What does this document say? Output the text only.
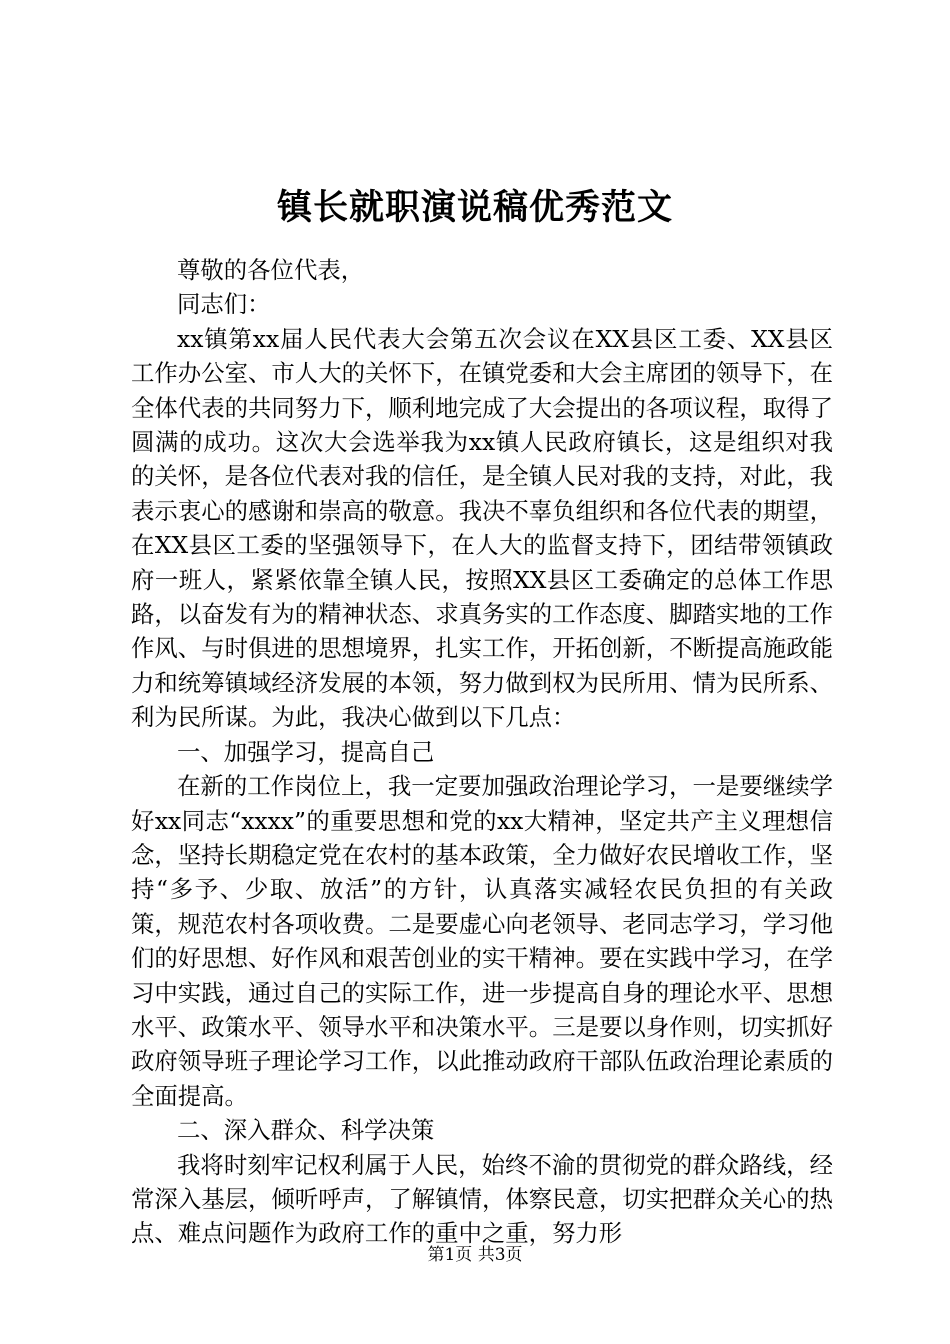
镇长就职演说稿优秀范文

尊敬的各位代表，

同志们：

xx镇第xx届人民代表大会第五次会议在XX县区工委、XX县区工作办公室、市人大的关怀下，在镇党委和大会主席团的领导下，在全体代表的共同努力下，顺利地完成了大会提出的各项议程，取得了圆满的成功。这次大会选举我为xx镇人民政府镇长，这是组织对我的关怀，是各位代表对我的信任，是全镇人民对我的支持，对此，我表示衷心的感谢和崇高的敬意。我决不辜负组织和各位代表的期望，在XX县区工委的坚强领导下，在人大的监督支持下，团结带领镇政府一班人，紧紧依靠全镇人民，按照XX县区工委确定的总体工作思路，以奋发有为的精神状态、求真务实的工作态度、脚踏实地的工作作风、与时俱进的思想境界，扎实工作，开拓创新，不断提高施政能力和统筹镇域经济发展的本领，努力做到权为民所用、情为民所系、利为民所谋。为此，我决心做到以下几点：

一、加强学习，提高自己

在新的工作岗位上，我一定要加强政治理论学习，一是要继续学好xx同志“xxxx”的重要思想和党的xx大精神，坚定共产主义理想信念，坚持长期稳定党在农村的基本政策，全力做好农民增收工作，坚持“多予、少取、放活”的方针，认真落实减轻农民负担的有关政策，规范农村各项收费。二是要虚心向老领导、老同志学习，学习他们的好思想、好作风和艰苦创业的实干精神。要在实践中学习，在学习中实践，通过自己的实际工作，进一步提高自身的理论水平、思想水平、政策水平、领导水平和决策水平。三是要以身作则，切实抓好政府领导班子理论学习工作，以此推动政府干部队伍政治理论素质的全面提高。

二、深入群众、科学决策

我将时刻牢记权利属于人民，始终不渝的贯彻党的群众路线，经常深入基层，倾听呼声，了解镇情，体察民意，切实把群众关心的热点、难点问题作为政府工作的重中之重，努力形

第1页 共3页
